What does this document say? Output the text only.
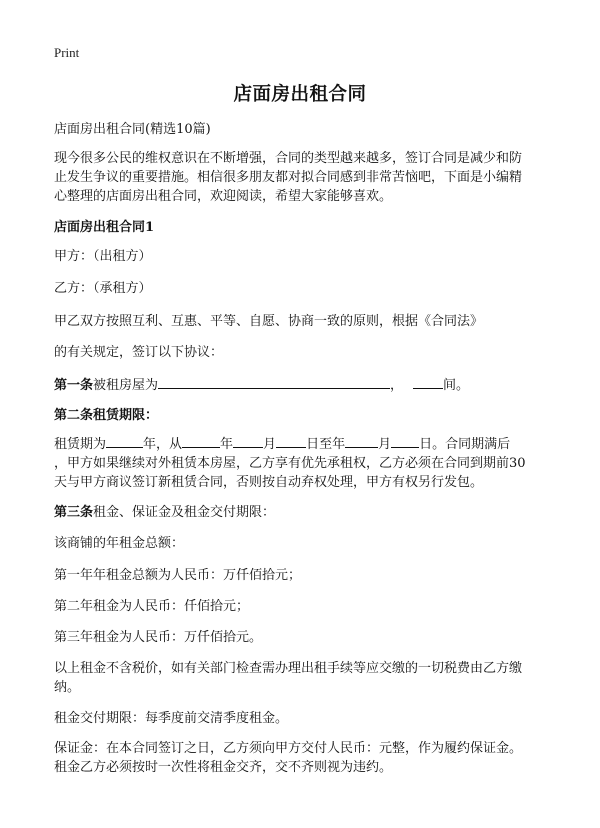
Print
店面房出租合同

店面房出租合同(精选10篇)

现今很多公民的维权意识在不断增强，合同的类型越来越多，签订合同是减少和防

止发生争议的重要措施。相信很多朋友都对拟合同感到非常苦恼吧，下面是小编精

心整理的店面房出租合同，欢迎阅读，希望大家能够喜欢。

店面房出租合同1

甲方：（出租方）

乙方：（承租方）

甲乙双方按照互利、互惠、平等、自愿、协商一致的原则，根据《合同法》

的有关规定，签订以下协议：

第一条被租房屋为	，	间。

第二条租赁期限：

租赁期为	年，从	年 月 日至年	月 日。合同期满后

，甲方如果继续对外租赁本房屋，乙方享有优先承租权，乙方必须在合同到期前30

天与甲方商议签订新租赁合同，否则按自动弃权处理，甲方有权另行发包。

第三条租金、保证金及租金交付期限：

该商铺的年租金总额：

第一年年租金总额为人民币：万仟佰拾元；

第二年租金为人民币：仟佰拾元；

第三年租金为人民币：万仟佰拾元。

以上租金不含税价，如有关部门检查需办理出租手续等应交缴的一切税费由乙方缴

纳。

租金交付期限：每季度前交清季度租金。

保证金：在本合同签订之日，乙方须向甲方交付人民币：元整，作为履约保证金。

租金乙方必须按时一次性将租金交齐，交不齐则视为违约。
